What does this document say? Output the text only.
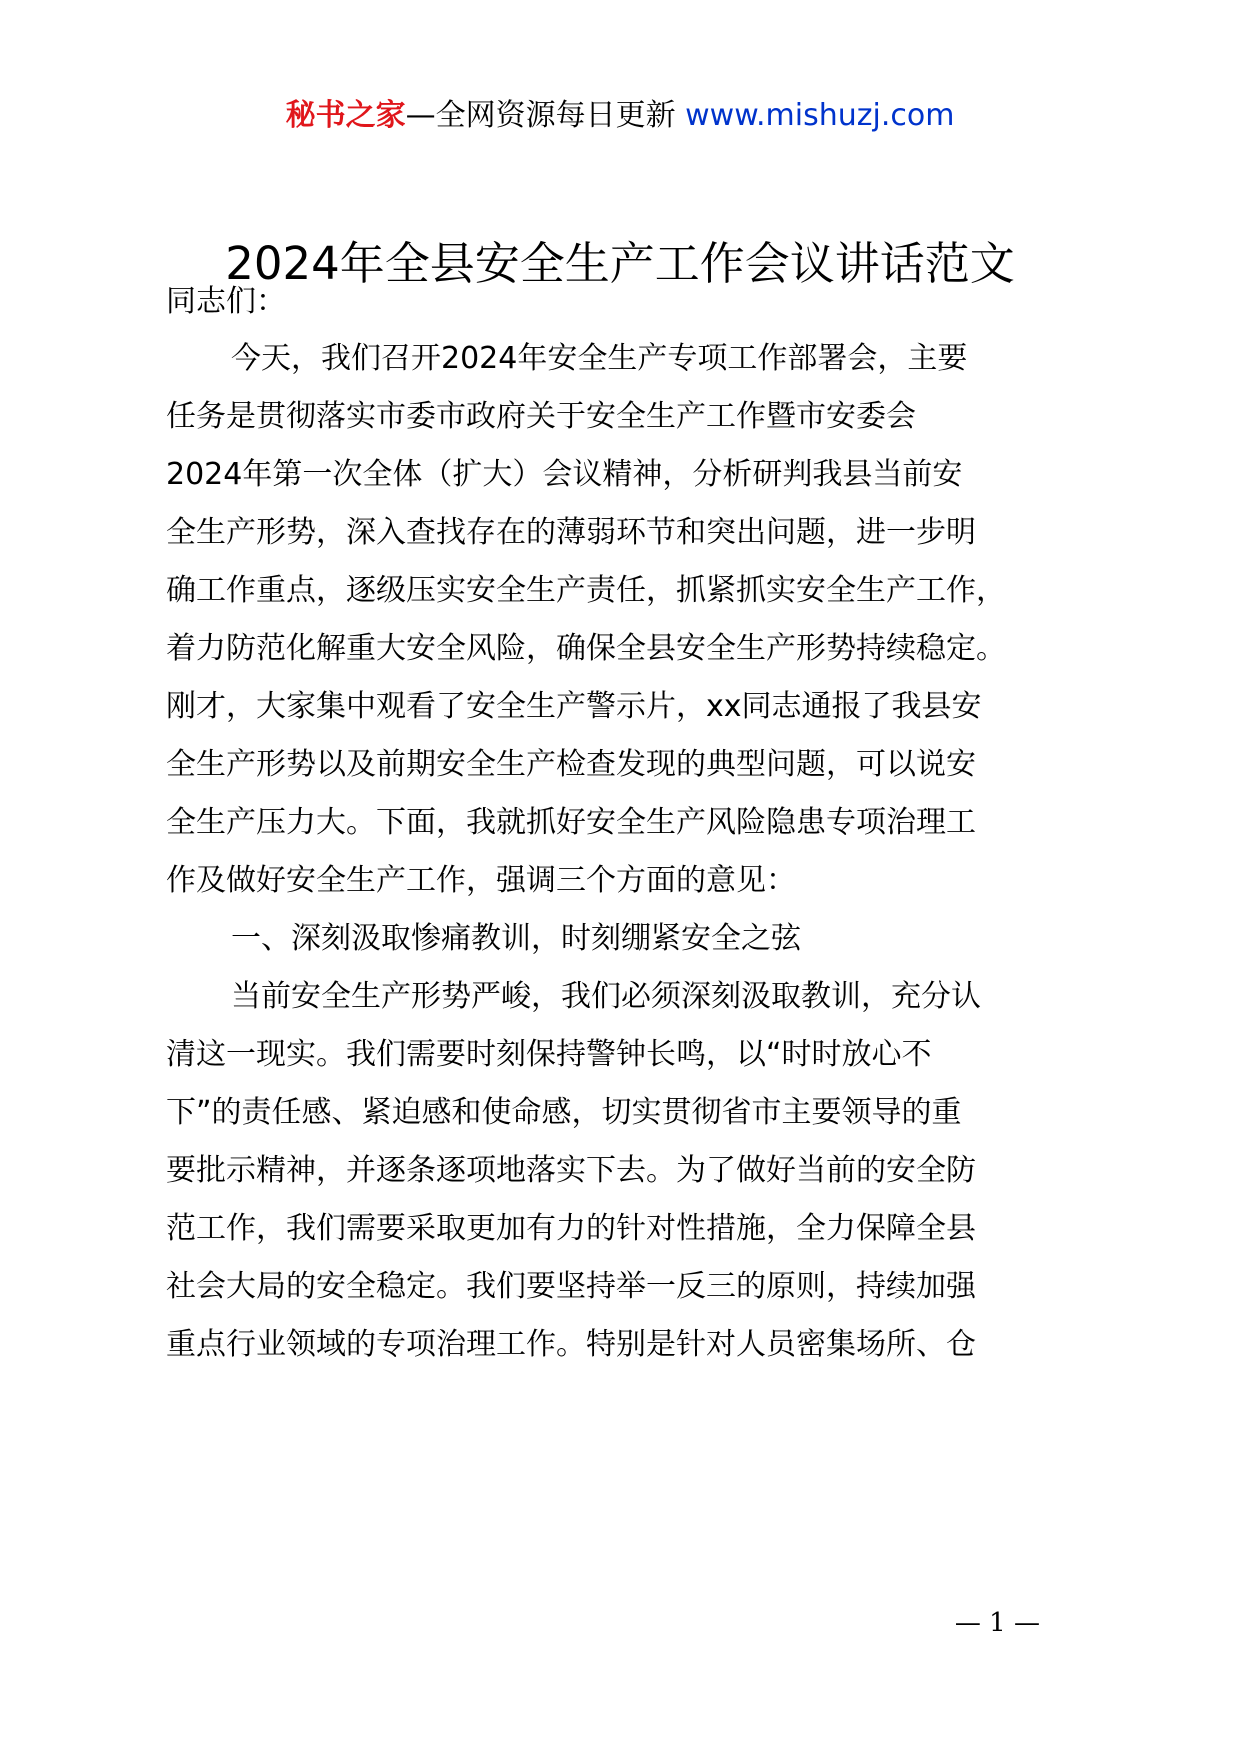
秘书之家—全网资源每日更新 www.mishuzj.com
2024年全县安全生产工作会议讲话范文
同志们：
今天，我们召开2024年安全生产专项工作部署会，主要
任务是贯彻落实市委市政府关于安全生产工作暨市安委会
2024年第一次全体（扩大）会议精神，分析研判我县当前安
全生产形势，深入查找存在的薄弱环节和突出问题，进一步明
确工作重点，逐级压实安全生产责任，抓紧抓实安全生产工作，
着力防范化解重大安全风险，确保全县安全生产形势持续稳定。
刚才，大家集中观看了安全生产警示片，xx同志通报了我县安
全生产形势以及前期安全生产检查发现的典型问题，可以说安
全生产压力大。下面，我就抓好安全生产风险隐患专项治理工
作及做好安全生产工作，强调三个方面的意见：
一、深刻汲取惨痛教训，时刻绷紧安全之弦
当前安全生产形势严峻，我们必须深刻汲取教训，充分认
清这一现实。我们需要时刻保持警钟长鸣，以“时时放心不
下”的责任感、紧迫感和使命感，切实贯彻省市主要领导的重
要批示精神，并逐条逐项地落实下去。为了做好当前的安全防
范工作，我们需要采取更加有力的针对性措施，全力保障全县
社会大局的安全稳定。我们要坚持举一反三的原则，持续加强
重点行业领域的专项治理工作。特别是针对人员密集场所、仓
— 1 —
